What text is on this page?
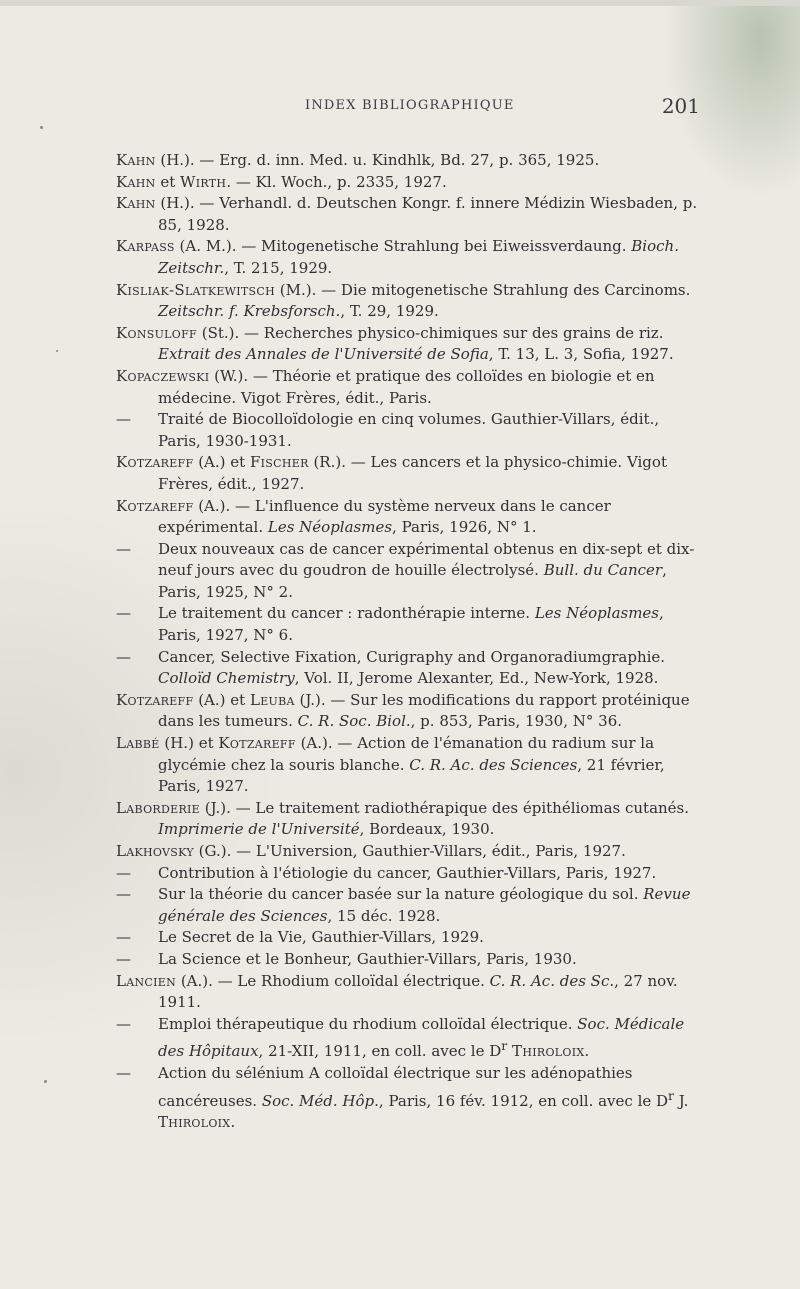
INDEX BIBLIOGRAPHIQUE	201

Kahn (H.). — Erg. d. inn. Med. u. Kindhlk, Bd. 27, p. 365, 1925.

Kahn et Wirth. — Kl. Woch., p. 2335, 1927.

Kahn (H.). — Verhandl. d. Deutschen Kongr. f. innere Médizin Wiesbaden, p. 85, 1928.

Karpass (A. M.). — Mitogenetische Strahlung bei Eiweissverdaung. Bioch. Zeitschr., T. 215, 1929.

Kisliak-Slatkewitsch (M.). — Die mitogenetische Strahlung des Carcinoms. Zeitschr. f. Krebsforsch., T. 29, 1929.

Konsuloff (St.). — Recherches physico-chimiques sur des grains de riz. Extrait des Annales de l'Université de Sofia, T. 13, L. 3, Sofia, 1927.

Kopaczewski (W.). — Théorie et pratique des colloïdes en biologie et en médecine. Vigot Frères, édit., Paris.

— Traité de Biocolloïdologie en cinq volumes. Gauthier-Villars, édit., Paris, 1930-1931.

Kotzareff (A.) et Fischer (R.). — Les cancers et la physico-chimie. Vigot Frères, édit., 1927.

Kotzareff (A.). — L'influence du système nerveux dans le cancer expérimental. Les Néoplasmes, Paris, 1926, N° 1.

— Deux nouveaux cas de cancer expérimental obtenus en dix-sept et dix-neuf jours avec du goudron de houille électrolysé. Bull. du Cancer, Paris, 1925, N° 2.

— Le traitement du cancer : radonthérapie interne. Les Néoplasmes, Paris, 1927, N° 6.

— Cancer, Selective Fixation, Curigraphy and Organoradiumgraphie. Colloïd Chemistry, Vol. II, Jerome Alexanter, Ed., New-York, 1928.

Kotzareff (A.) et Leuba (J.). — Sur les modifications du rapport protéinique dans les tumeurs. C. R. Soc. Biol., p. 853, Paris, 1930, N° 36.

Labbé (H.) et Kotzareff (A.). — Action de l'émanation du radium sur la glycémie chez la souris blanche. C. R. Ac. des Sciences, 21 février, Paris, 1927.

Laborderie (J.). — Le traitement radiothérapique des épithéliomas cutanés. Imprimerie de l'Université, Bordeaux, 1930.

Lakhovsky (G.). — L'Universion, Gauthier-Villars, édit., Paris, 1927.

— Contribution à l'étiologie du cancer, Gauthier-Villars, Paris, 1927.

— Sur la théorie du cancer basée sur la nature géologique du sol. Revue générale des Sciences, 15 déc. 1928.

— Le Secret de la Vie, Gauthier-Villars, 1929.

— La Science et le Bonheur, Gauthier-Villars, Paris, 1930.

Lancien (A.). — Le Rhodium colloïdal électrique. C. R. Ac. des Sc., 27 nov. 1911.

— Emploi thérapeutique du rhodium colloïdal électrique. Soc. Médicale des Hôpitaux, 21-XII, 1911, en coll. avec le $D^r$ Thiroloix.

— Action du sélénium A colloïdal électrique sur les adénopathies cancéreuses. Soc. Méd. Hôp., Paris, 16 fév. 1912, en coll. avec le $D^r$ J. Thiroloix.
